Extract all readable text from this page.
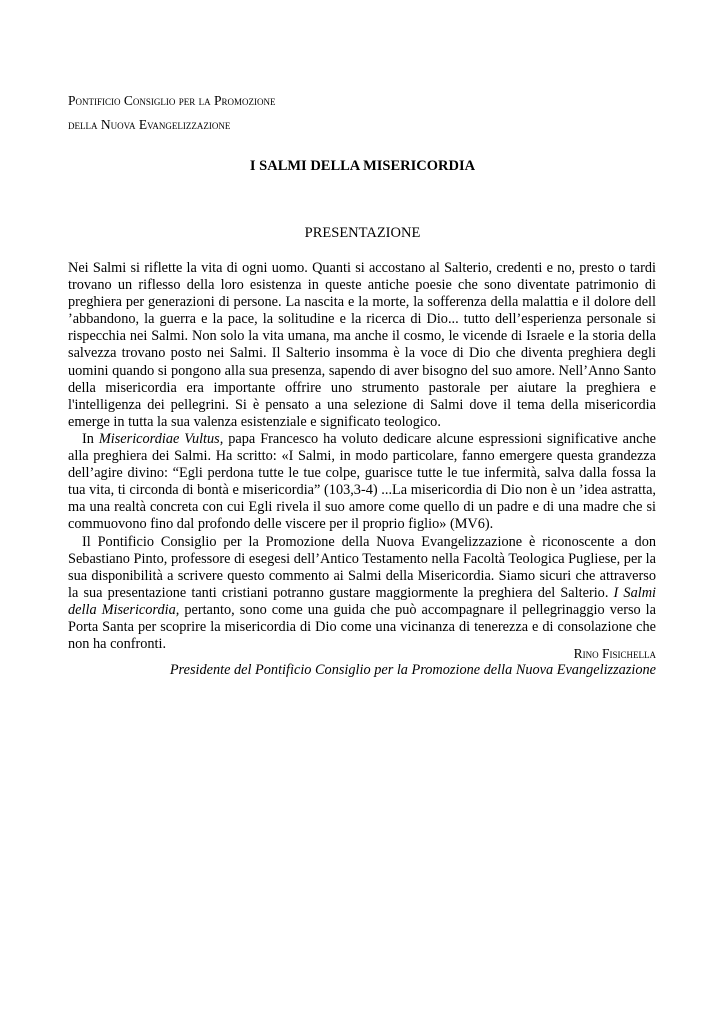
Pontificio Consiglio per la Promozione
della Nuova Evangelizzazione
I SALMI DELLA MISERICORDIA
PRESENTAZIONE

Nei Salmi si riflette la vita di ogni uomo. Quanti si accostano al Salterio, credenti e no, presto o tardi trovano un riflesso della loro esistenza in queste antiche poesie che sono diventate patrimonio di preghiera per generazioni di persone. La nascita e la morte, la sofferenza della malattia e il dolore dell ’abbandono, la guerra e la pace, la solitudine e la ricerca di Dio... tutto dell’esperienza personale si rispecchia nei Salmi. Non solo la vita umana, ma anche il cosmo, le vicende di Israele e la storia della salvezza trovano posto nei Salmi. Il Salterio insomma è la voce di Dio che diventa preghiera degli uomini quando si pongono alla sua presenza, sapendo di aver bisogno del suo amore. Nell’Anno Santo della misericordia era importante offrire uno strumento pastorale per aiutare la preghiera e l'intelligenza dei pellegrini. Si è pensato a una selezione di Salmi dove il tema della misericordia emerge in tutta la sua valenza esistenziale e significato teologico.

In Misericordiae Vultus, papa Francesco ha voluto dedicare alcune espressioni significative anche alla preghiera dei Salmi. Ha scritto: «I Salmi, in modo particolare, fanno emergere questa grandezza dell’agire divino: “Egli perdona tutte le tue colpe, guarisce tutte le tue infermità, salva dalla fossa la tua vita, ti circonda di bontà e misericordia” (103,3-4) ...La misericordia di Dio non è un ’idea astratta, ma una realtà concreta con cui Egli rivela il suo amore come quello di un padre e di una madre che si commuovono fino dal profondo delle viscere per il proprio figlio» (MV6).

Il Pontificio Consiglio per la Promozione della Nuova Evangelizzazione è riconoscente a don Sebastiano Pinto, professore di esegesi dell’Antico Testamento nella Facoltà Teologica Pugliese, per la sua disponibilità a scrivere questo commento ai Salmi della Misericordia. Siamo sicuri che attraverso la sua presentazione tanti cristiani potranno gustare maggiormente la preghiera del Salterio. I Salmi della Misericordia, pertanto, sono come una guida che può accompagnare il pellegrinaggio verso la Porta Santa per scoprire la misericordia di Dio come una vicinanza di tenerezza e di consolazione che non ha confronti.

Rino Fisichella
Presidente del Pontificio Consiglio per la Promozione della Nuova Evangelizzazione
